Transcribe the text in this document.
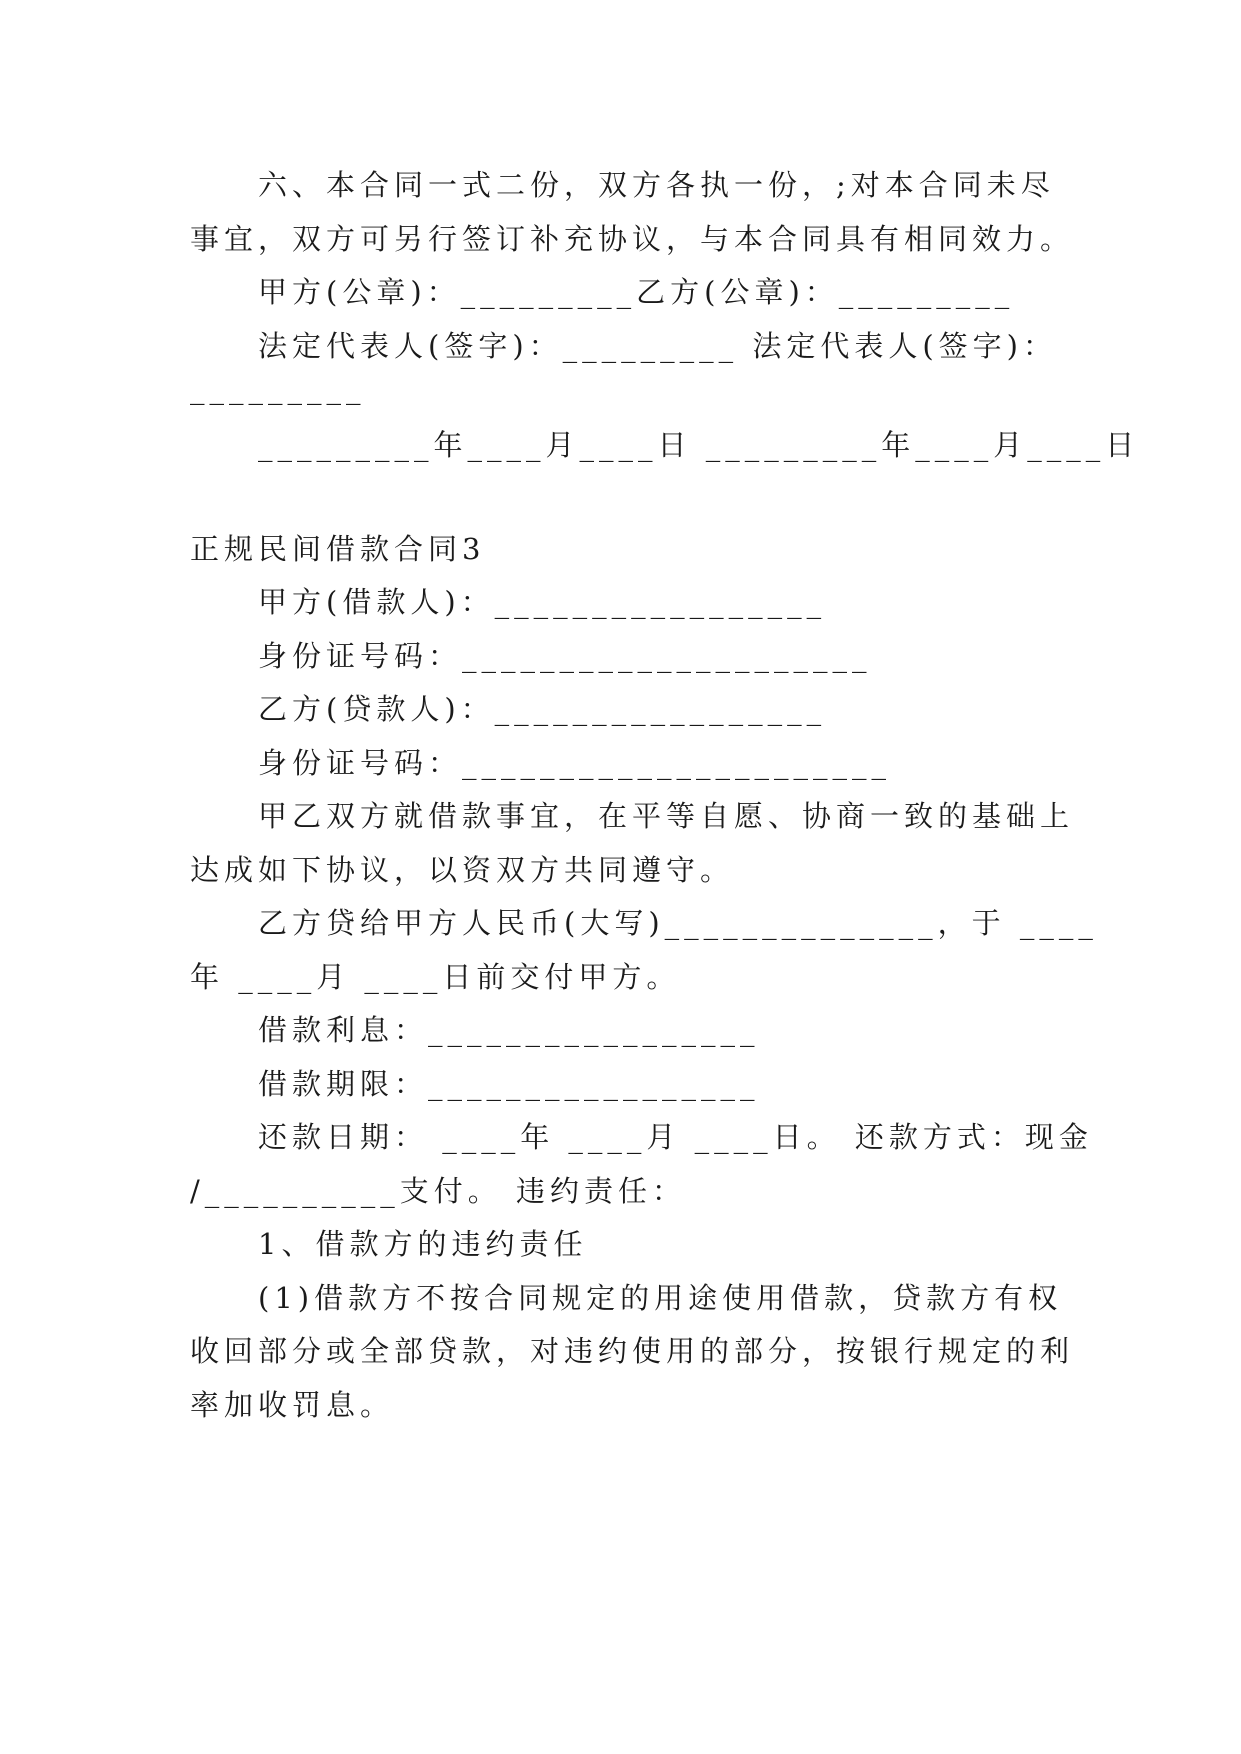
　　六、本合同一式二份，双方各执一份，;对本合同未尽
事宜，双方可另行签订补充协议，与本合同具有相同效力。
　　甲方(公章)：_________乙方(公章)：_________
　　法定代表人(签字)：_________ 法定代表人(签字)：
_________
　　_________年____月____日 _________年____月____日
正规民间借款合同3
　　甲方(借款人)：_________________
　　身份证号码：_____________________
　　乙方(贷款人)：_________________
　　身份证号码：______________________
　　甲乙双方就借款事宜，在平等自愿、协商一致的基础上
达成如下协议，以资双方共同遵守。
　　乙方贷给甲方人民币(大写)______________，于 ____
年 ____月 ____日前交付甲方。
　　借款利息：_________________
　　借款期限：_________________
　　还款日期： ____年 ____月 ____日。 还款方式：现金
/__________支付。 违约责任：
　　1、借款方的违约责任
　　(1)借款方不按合同规定的用途使用借款，贷款方有权
收回部分或全部贷款，对违约使用的部分，按银行规定的利
率加收罚息。
